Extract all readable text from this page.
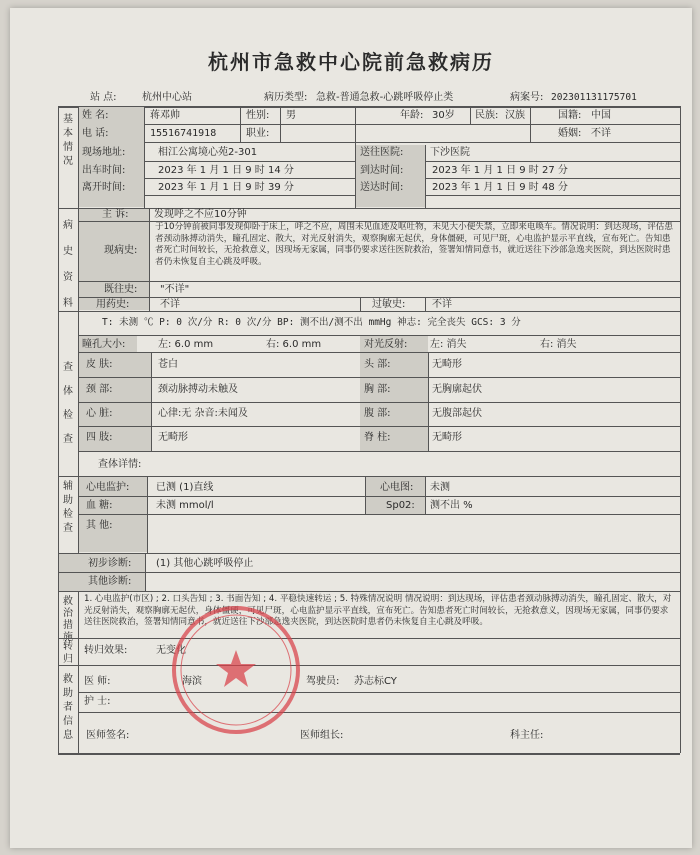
杭州市急救中心院前急救病历
站 点:	杭州中心站	病历类型: 急救-普通急救-心跳呼吸停止类	病案号: 20230113117570​1
基本情况
姓 名:	蒋邓帅	性别: 男	年龄: 30岁 民族: 汉族	国籍: 中国
电 话:	15516741918	职业:	婚姻: 不详
现场地址:	相江公寓境心苑2-301	送往医院:	下沙医院
出车时间:	2023 年 1 月 1 日 9 时 14 分	到达时间:	2023 年 1 月 1 日 9 时 27 分
离开时间:	2023 年 1 月 1 日 9 时 39 分	送达时间:	2023 年 1 月 1 日 9 时 48 分
病史资料
主 诉:	发现呼之不应10分钟
现病史:
于10分钟前被同事发现仰卧于床上，呼之不应，周围未见血迹及呕吐物，未见大小便失禁，立即来电唤车。情况说明：到达现场，评估患者颈动脉搏动消失，瞳孔固定、散大，对光反射消失，观察胸廓无起伏，身体僵硬，可见尸斑，心电监护显示平直线，宣布死亡。告知患者死亡时间较长，无抢救意义，因现场无家属，同事仍要求送往医院救治，签署知情同意书，就近送往下沙部急逸夹医院，到达医院时患者仍未恢复自主心跳及呼吸。
既往史: "不详"
用药史:	不详	过敏史:	不详
查体检查
T: 未测 ℃ P: 0 次/分 R: 0 次/分 BP: 测不出/测不出 mmHg 神志: 完全丧失 GCS: 3 分
瞳孔大小:	左: 6.0 mm	右: 6.0 mm	对光反射: 左: 消失	右: 消失
皮 肤:	苍白	头 部:	无畸形
颈 部:	颈动脉搏动未触及	胸 部:	无胸廓起伏
心 脏:	心律:无 杂音:未闻及	腹 部:	无腹部起伏
四 肢:	无畸形	脊 柱:	无畸形
查体详情:
辅助检查
心电监护:	已测 (1)直线	心电图: 未测
血 糖:	未测 mmol/l	Sp02: 测不出 %
其 他:
初步诊断: (1) 其他心跳呼吸停止
其他诊断:
救治措施
1. 心电监护(市区) ; 2. 口头告知 ; 3. 书面告知 ; 4. 平稳快速转运 ; 5. 特殊情况说明 情况说明：到达现场，评估患者颈动脉搏动消失，瞳孔固定、散大，对光反射消失，观察胸廓无起伏，身体僵硬，可见尸斑，心电监护显示平直线，宣布死亡。告知患者死亡时间较长，无抢救意义，因现场无家属，同事仍要求送往医院救治，签署知情同意书，就近送往下沙部急逸夹医院，到达医院时患者仍未恢复自主心跳及呼吸。
转归
转归效果:	无变化
救助者信息
医 师:	海滨	驾驶员: 苏志标CY
护 士:
医师签名:	医师组长:	科主任:
